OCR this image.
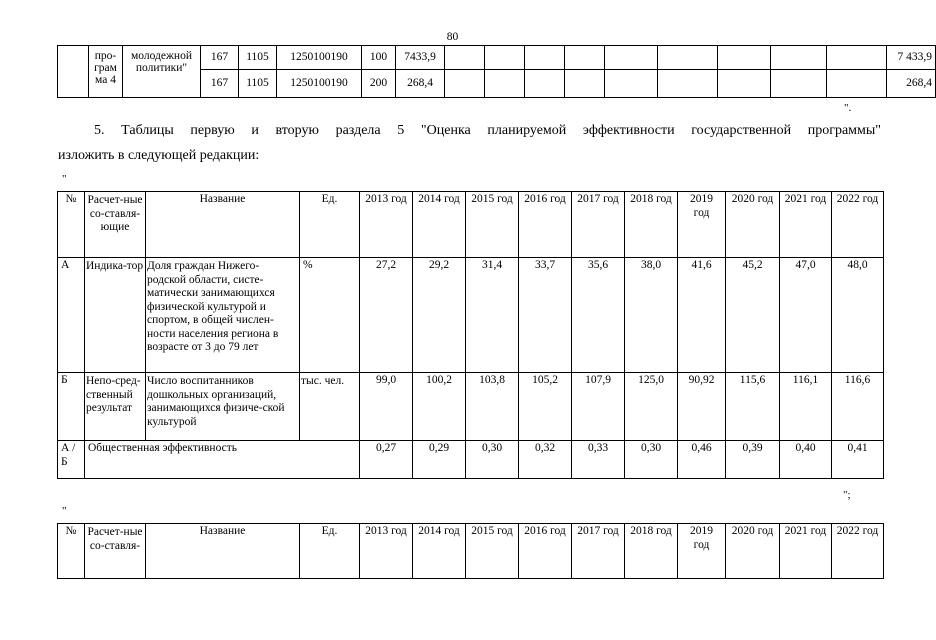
80
	про-грам ма 4	молодежной политики"	167	1105	1250100190	100	7433,9										7 433,9
			167	1105	1250100190	200	268,4										268,4
".
5. Таблицы первую и вторую раздела 5 "Оценка планируемой эффективности государственной программы"
изложить в следующей редакции:
"
№	Расчет-ные со-ставля-ющие	Название	Ед.	2013 год	2014 год	2015 год	2016 год	2017 год	2018 год	2019 год	2020 год	2021 год	2022 год
А	Индика-тор	Доля граждан Нижего-родской области, систе-матически занимающихся физической культурой и спортом, в общей числен-ности населения региона в возрасте от 3 до 79 лет	%	27,2	29,2	31,4	33,7	35,6	38,0	41,6	45,2	47,0	48,0
Б	Непо-сред-ственный результат	Число воспитанников дошкольных организаций, занимающихся физиче-ской культурой	тыс. чел.	99,0	100,2	103,8	105,2	107,9	125,0	90,92	115,6	116,1	116,6
А / Б	Общественная эффективность			0,27	0,29	0,30	0,32	0,33	0,30	0,46	0,39	0,40	0,41
";
"
№	Расчет-ные со-ставля-	Название	Ед.	2013 год	2014 год	2015 год	2016 год	2017 год	2018 год	2019 год	2020 год	2021 год	2022 год
